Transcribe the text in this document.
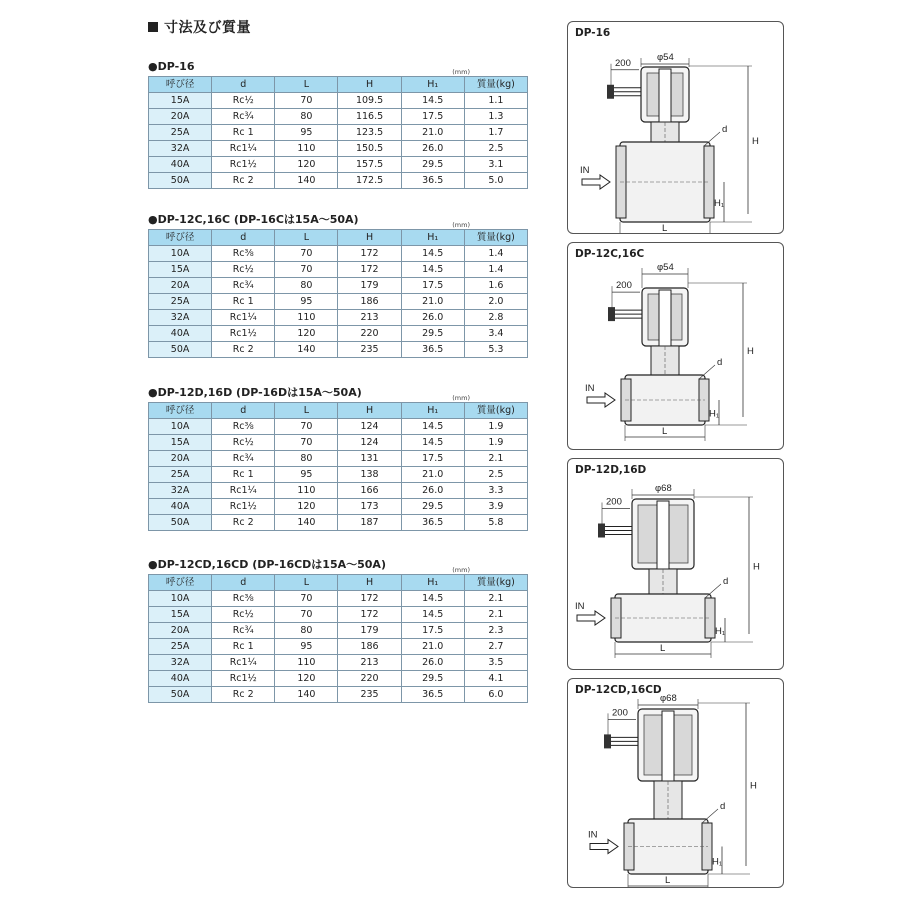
寸法及び質量
●DP-16	(mm)
呼び径	d	L	H	H₁	質量(kg)
15A	Rc½	70	109.5	14.5	1.1
20A	Rc¾	80	116.5	17.5	1.3
25A	Rc 1	95	123.5	21.0	1.7
32A	Rc1¼	110	150.5	26.0	2.5
40A	Rc1½	120	157.5	29.5	3.1
50A	Rc 2	140	172.5	36.5	5.0
●DP-12C,16C (DP-16Cは15A～50A)	(mm)
呼び径	d	L	H	H₁	質量(kg)
10A	Rc⅜	70	172	14.5	1.4
15A	Rc½	70	172	14.5	1.4
20A	Rc¾	80	179	17.5	1.6
25A	Rc 1	95	186	21.0	2.0
32A	Rc1¼	110	213	26.0	2.8
40A	Rc1½	120	220	29.5	3.4
50A	Rc 2	140	235	36.5	5.3
●DP-12D,16D (DP-16Dは15A～50A)	(mm)
呼び径	d	L	H	H₁	質量(kg)
10A	Rc⅜	70	124	14.5	1.9
15A	Rc½	70	124	14.5	1.9
20A	Rc¾	80	131	17.5	2.1
25A	Rc 1	95	138	21.0	2.5
32A	Rc1¼	110	166	26.0	3.3
40A	Rc1½	120	173	29.5	3.9
50A	Rc 2	140	187	36.5	5.8
●DP-12CD,16CD (DP-16CDは15A～50A)	(mm)
呼び径	d	L	H	H₁	質量(kg)
10A	Rc⅜	70	172	14.5	2.1
15A	Rc½	70	172	14.5	2.1
20A	Rc¾	80	179	17.5	2.3
25A	Rc 1	95	186	21.0	2.7
32A	Rc1¼	110	213	26.0	3.5
40A	Rc1½	120	220	29.5	4.1
50A	Rc 2	140	235	36.5	6.0
DP-16
φ54
200
d
IN
H
H₁
L
DP-12C,16C
φ54
200
d
IN
H
H₁
L
DP-12D,16D
φ68
200
d
IN
H
H₁
L
DP-12CD,16CD
φ68
200
d
IN
H
H₁
L
